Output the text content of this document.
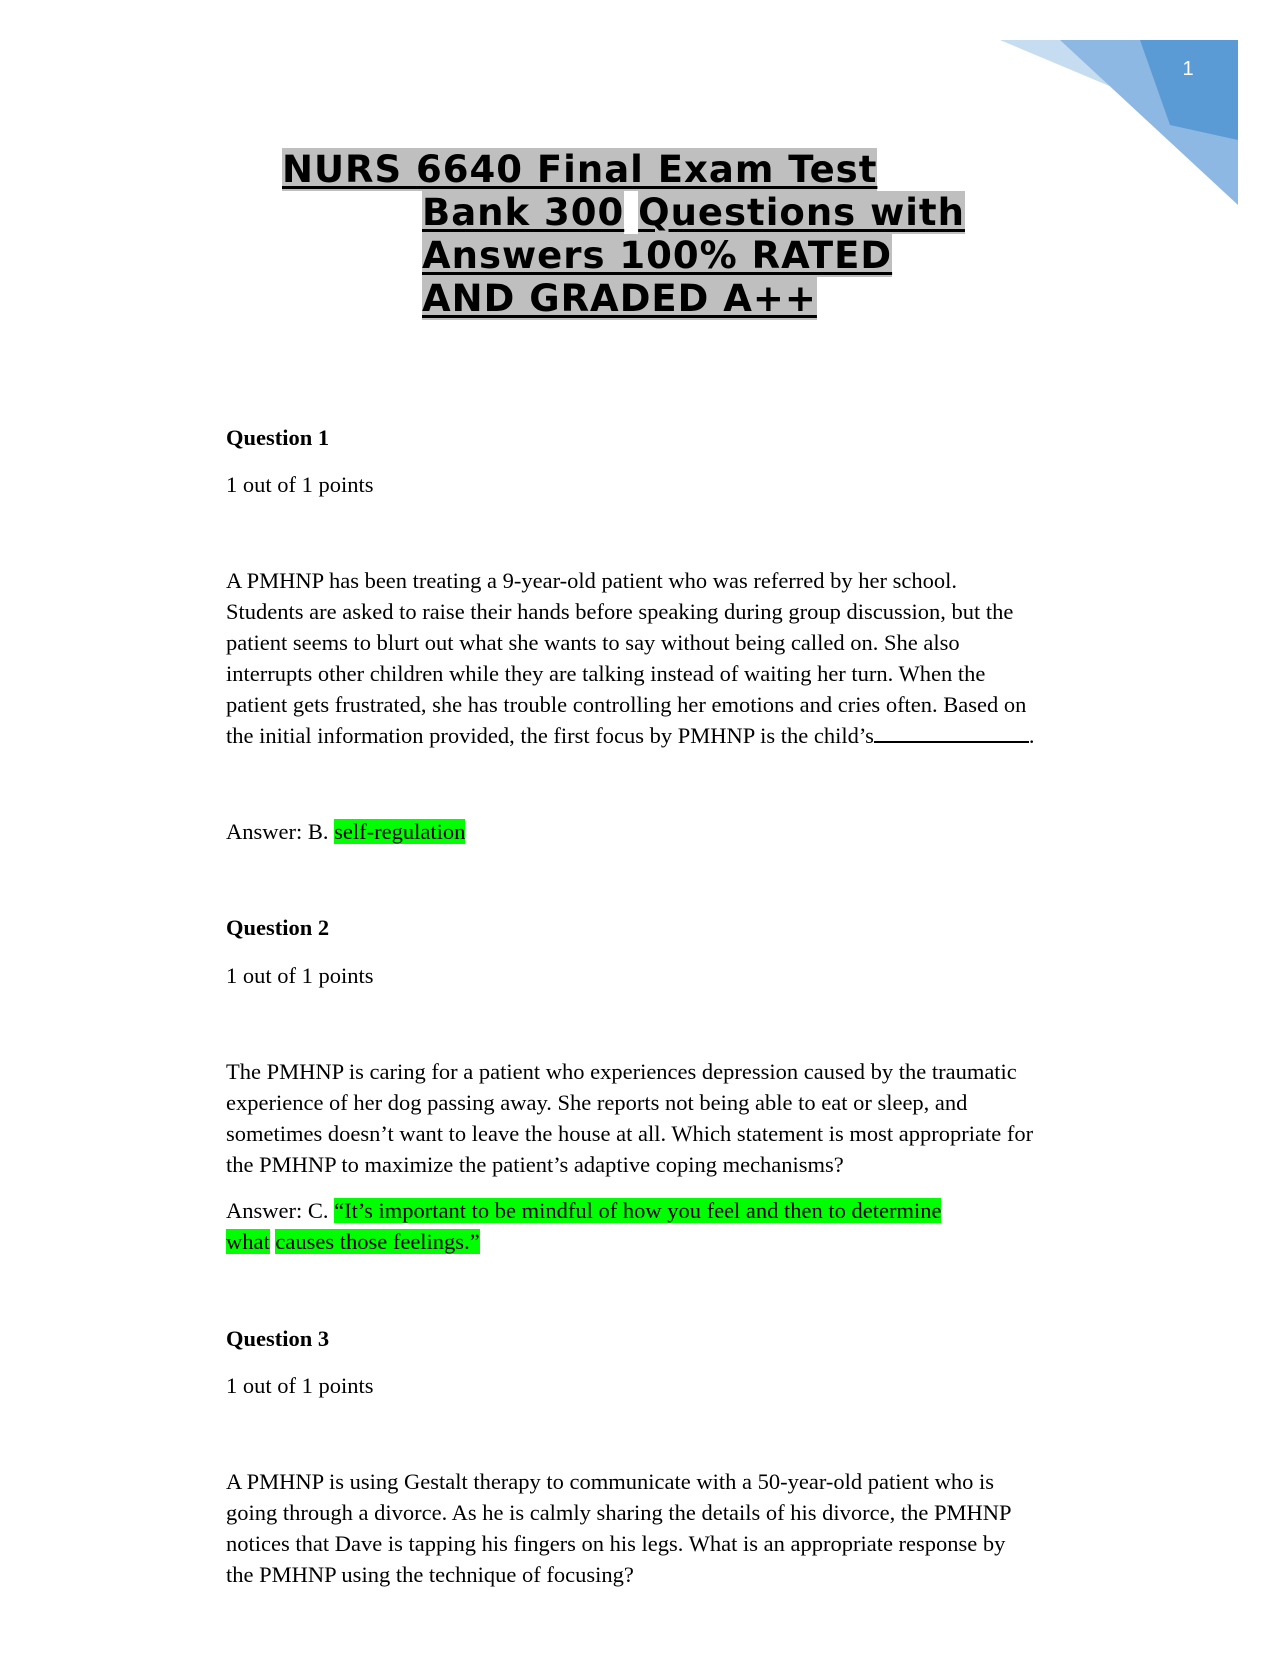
1
NURS 6640 Final Exam Test
Bank 300 Questions with
Answers 100% RATED
AND GRADED A++
Question 1
1 out of 1 points
A PMHNP has been treating a 9-year-old patient who was referred by her school.
Students are asked to raise their hands before speaking during group discussion, but the
patient seems to blurt out what she wants to say without being called on. She also
interrupts other children while they are talking instead of waiting her turn. When the
patient gets frustrated, she has trouble controlling her emotions and cries often. Based on
the initial information provided, the first focus by PMHNP is the child’s	.
Answer: B. self-regulation
Question 2
1 out of 1 points
The PMHNP is caring for a patient who experiences depression caused by the traumatic
experience of her dog passing away. She reports not being able to eat or sleep, and
sometimes doesn’t want to leave the house at all. Which statement is most appropriate for
the PMHNP to maximize the patient’s adaptive coping mechanisms?
Answer: C. “It’s important to be mindful of how you feel and then to determine
what causes those feelings.”
Question 3
1 out of 1 points
A PMHNP is using Gestalt therapy to communicate with a 50-year-old patient who is
going through a divorce. As he is calmly sharing the details of his divorce, the PMHNP
notices that Dave is tapping his fingers on his legs. What is an appropriate response by
the PMHNP using the technique of focusing?
